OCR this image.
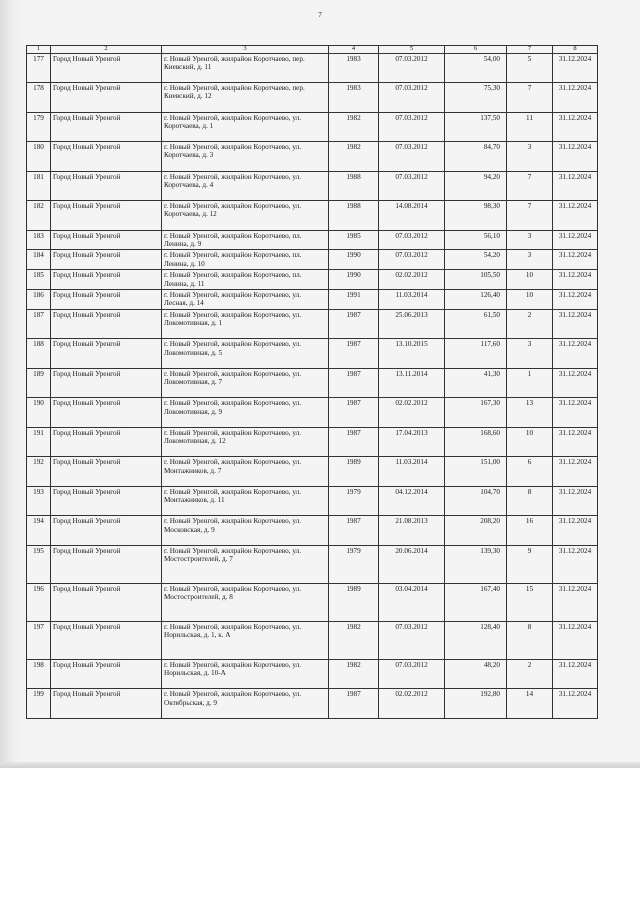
7
1	2	3	4	5	6	7	8
177	Город Новый Уренгой	г. Новый Уренгой, жилрайон Коротчаево, пер. Киевский, д. 11	1983	07.03.2012	54,00	5	31.12.2024
178	Город Новый Уренгой	г. Новый Уренгой, жилрайон Коротчаево, пер. Киевский, д. 12	1983	07.03.2012	75,30	7	31.12.2024
179	Город Новый Уренгой	г. Новый Уренгой, жилрайон Коротчаево, ул. Коротчаева, д. 1	1982	07.03.2012	137,50	11	31.12.2024
180	Город Новый Уренгой	г. Новый Уренгой, жилрайон Коротчаево, ул. Коротчаева, д. 3	1982	07.03.2012	84,70	3	31.12.2024
181	Город Новый Уренгой	г. Новый Уренгой, жилрайон Коротчаево, ул. Коротчаева, д. 4	1988	07.03.2012	94,20	7	31.12.2024
182	Город Новый Уренгой	г. Новый Уренгой, жилрайон Коротчаево, ул. Коротчаева, д. 12	1988	14.08.2014	98,30	7	31.12.2024
183	Город Новый Уренгой	г. Новый Уренгой, жилрайон Коротчаево, пл. Ленина, д. 9	1985	07.03.2012	56,10	3	31.12.2024
184	Город Новый Уренгой	г. Новый Уренгой, жилрайон Коротчаево, пл. Ленина, д. 10	1990	07.03.2012	54,20	3	31.12.2024
185	Город Новый Уренгой	г. Новый Уренгой, жилрайон Коротчаево, пл. Ленина, д. 11	1990	02.02.2012	105,50	10	31.12.2024
186	Город Новый Уренгой	г. Новый Уренгой, жилрайон Коротчаево, ул. Лесная, д. 14	1991	11.03.2014	126,40	10	31.12.2024
187	Город Новый Уренгой	г. Новый Уренгой, жилрайон Коротчаево, ул. Локомотивная, д. 1	1987	25.06.2013	61,50	2	31.12.2024
188	Город Новый Уренгой	г. Новый Уренгой, жилрайон Коротчаево, ул. Локомотивная, д. 5	1987	13.10.2015	117,60	3	31.12.2024
189	Город Новый Уренгой	г. Новый Уренгой, жилрайон Коротчаево, ул. Локомотивная, д. 7	1987	13.11.2014	41,30	1	31.12.2024
190	Город Новый Уренгой	г. Новый Уренгой, жилрайон Коротчаево, ул. Локомотивная, д. 9	1987	02.02.2012	167,30	13	31.12.2024
191	Город Новый Уренгой	г. Новый Уренгой, жилрайон Коротчаево, ул. Локомотивная, д. 12	1987	17.04.2013	168,60	10	31.12.2024
192	Город Новый Уренгой	г. Новый Уренгой, жилрайон Коротчаево, ул. Монтажников, д. 7	1989	11.03.2014	151,00	6	31.12.2024
193	Город Новый Уренгой	г. Новый Уренгой, жилрайон Коротчаево, ул. Монтажников, д. 11	1979	04.12.2014	104,70	8	31.12.2024
194	Город Новый Уренгой	г. Новый Уренгой, жилрайон Коротчаево, ул. Московская, д. 9	1987	21.08.2013	208,20	16	31.12.2024
195	Город Новый Уренгой	г. Новый Уренгой, жилрайон Коротчаево, ул. Мостостроителей, д. 7	1979	20.06.2014	139,30	9	31.12.2024
196	Город Новый Уренгой	г. Новый Уренгой, жилрайон Коротчаево, ул. Мостостроителей, д. 8	1989	03.04.2014	167,40	15	31.12.2024
197	Город Новый Уренгой	г. Новый Уренгой, жилрайон Коротчаево, ул. Норильская, д. 1, к. А	1982	07.03.2012	128,40	8	31.12.2024
198	Город Новый Уренгой	г. Новый Уренгой, жилрайон Коротчаево, ул. Норильская, д. 10-А	1982	07.03.2012	48,20	2	31.12.2024
199	Город Новый Уренгой	г. Новый Уренгой, жилрайон Коротчаево, ул. Октябрьская, д. 9	1987	02.02.2012	192,80	14	31.12.2024
